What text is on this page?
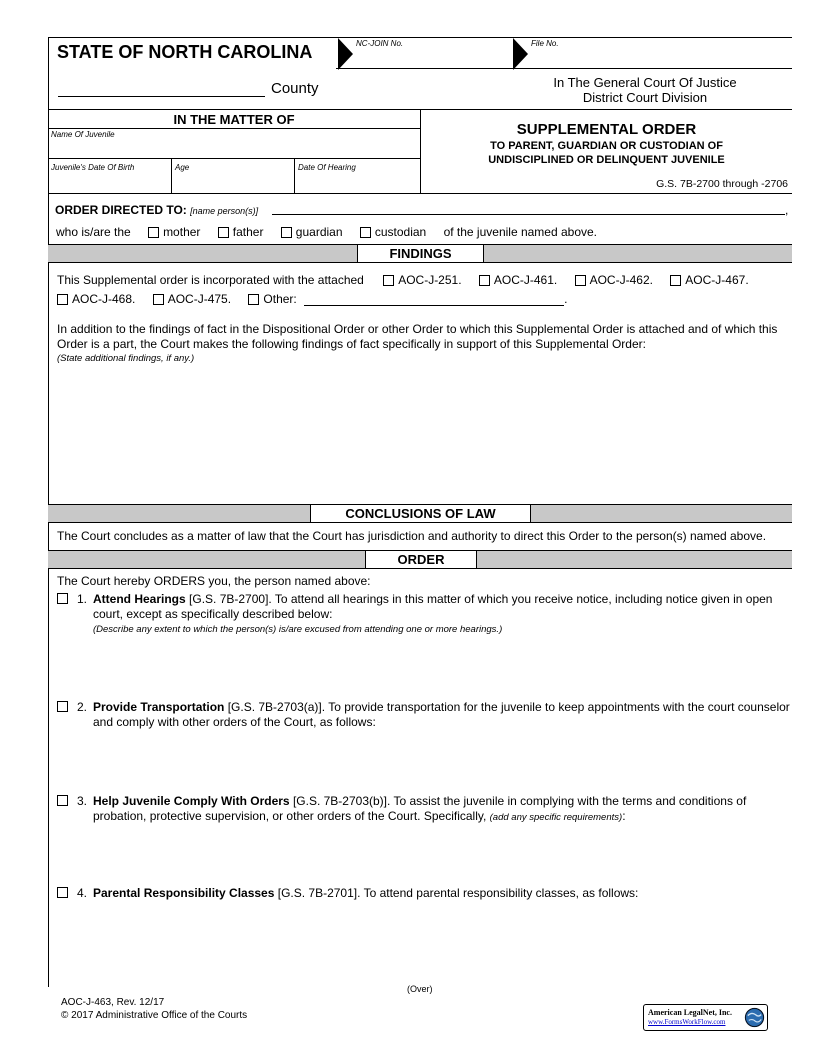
STATE OF NORTH CAROLINA	NC-JOIN No.	File No.
County	In The General Court Of Justice
District Court Division
IN THE MATTER OF
Name Of Juvenile
Juvenile's Date Of Birth	Age	Date Of Hearing
SUPPLEMENTAL ORDER
TO PARENT, GUARDIAN OR CUSTODIAN OF
UNDISCIPLINED OR DELINQUENT JUVENILE
G.S. 7B-2700 through -2706
ORDER DIRECTED TO: [name person(s)]	,
who is/are the	mother	father	guardian	custodian of the juvenile named above.
FINDINGS
This Supplemental order is incorporated with the attached	AOC-J-251.	AOC-J-461.	AOC-J-462.	AOC-J-467.
AOC-J-468.	AOC-J-475.	Other:	.
In addition to the findings of fact in the Dispositional Order or other Order to which this Supplemental Order is attached and of which this Order is a part, the Court makes the following findings of fact specifically in support of this Supplemental Order:
(State additional findings, if any.)
CONCLUSIONS OF LAW
The Court concludes as a matter of law that the Court has jurisdiction and authority to direct this Order to the person(s) named above.
ORDER
The Court hereby ORDERS you, the person named above:
1. Attend Hearings [G.S. 7B-2700]. To attend all hearings in this matter of which you receive notice, including notice given in open court, except as specifically described below:
(Describe any extent to which the person(s) is/are excused from attending one or more hearings.)
2. Provide Transportation [G.S. 7B-2703(a)]. To provide transportation for the juvenile to keep appointments with the court counselor and comply with other orders of the Court, as follows:
3. Help Juvenile Comply With Orders [G.S. 7B-2703(b)]. To assist the juvenile in complying with the terms and conditions of probation, protective supervision, or other orders of the Court. Specifically, (add any specific requirements):
4. Parental Responsibility Classes [G.S. 7B-2701]. To attend parental responsibility classes, as follows:
(Over)
AOC-J-463, Rev. 12/17
© 2017 Administrative Office of the Courts	American LegalNet, Inc.
www.FormsWorkFlow.com
